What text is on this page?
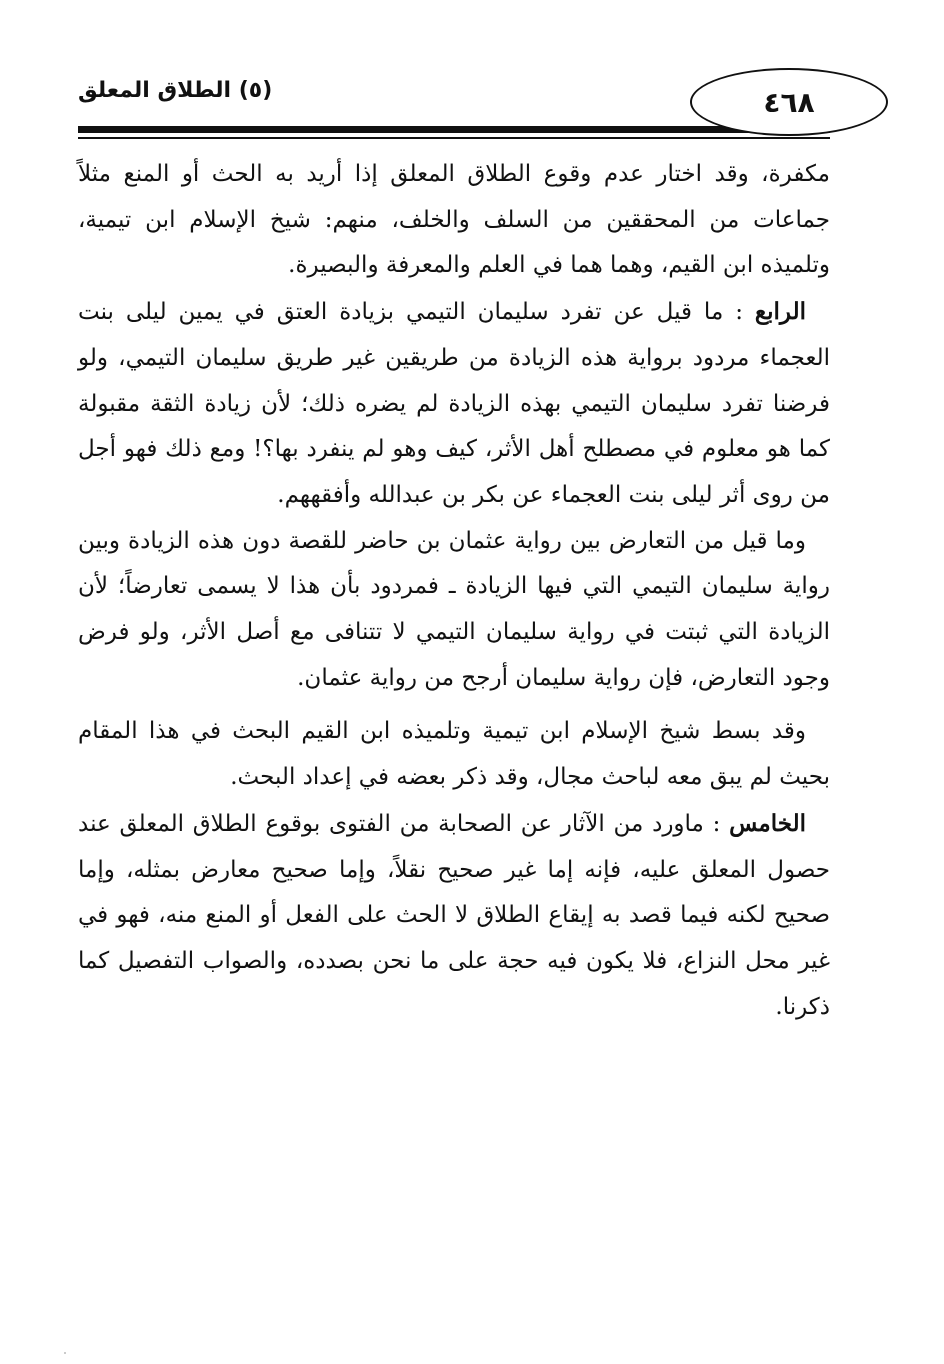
(٥) الطلاق المعلق	٤٦٨

مكفرة، وقد اختار عدم وقوع الطلاق المعلق إذا أريد به الحث أو المنع مثلاً جماعات من المحققين من السلف والخلف، منهم: شيخ الإسلام ابن تيمية، وتلميذه ابن القيم، وهما هما في العلم والمعرفة والبصيرة.

الرابع : ما قيل عن تفرد سليمان التيمي بزيادة العتق في يمين ليلى بنت العجماء مردود برواية هذه الزيادة من طريقين غير طريق سليمان التيمي، ولو فرضنا تفرد سليمان التيمي بهذه الزيادة لم يضره ذلك؛ لأن زيادة الثقة مقبولة كما هو معلوم في مصطلح أهل الأثر، كيف وهو لم ينفرد بها؟! ومع ذلك فهو أجل من روى أثر ليلى بنت العجماء عن بكر بن عبدالله وأفقههم.

وما قيل من التعارض بين رواية عثمان بن حاضر للقصة دون هذه الزيادة وبين رواية سليمان التيمي التي فيها الزيادة ـ فمردود بأن هذا لا يسمى تعارضاً؛ لأن الزيادة التي ثبتت في رواية سليمان التيمي لا تتنافى مع أصل الأثر، ولو فرض وجود التعارض، فإن رواية سليمان أرجح من رواية عثمان.

وقد بسط شيخ الإسلام ابن تيمية وتلميذه ابن القيم البحث في هذا المقام بحيث لم يبق معه لباحث مجال، وقد ذكر بعضه في إعداد البحث.

الخامس : ماورد من الآثار عن الصحابة من الفتوى بوقوع الطلاق المعلق عند حصول المعلق عليه، فإنه إما غير صحيح نقلاً، وإما صحيح معارض بمثله، وإما صحيح لكنه فيما قصد به إيقاع الطلاق لا الحث على الفعل أو المنع منه، فهو في غير محل النزاع، فلا يكون فيه حجة على ما نحن بصدده، والصواب التفصيل كما ذكرنا.
